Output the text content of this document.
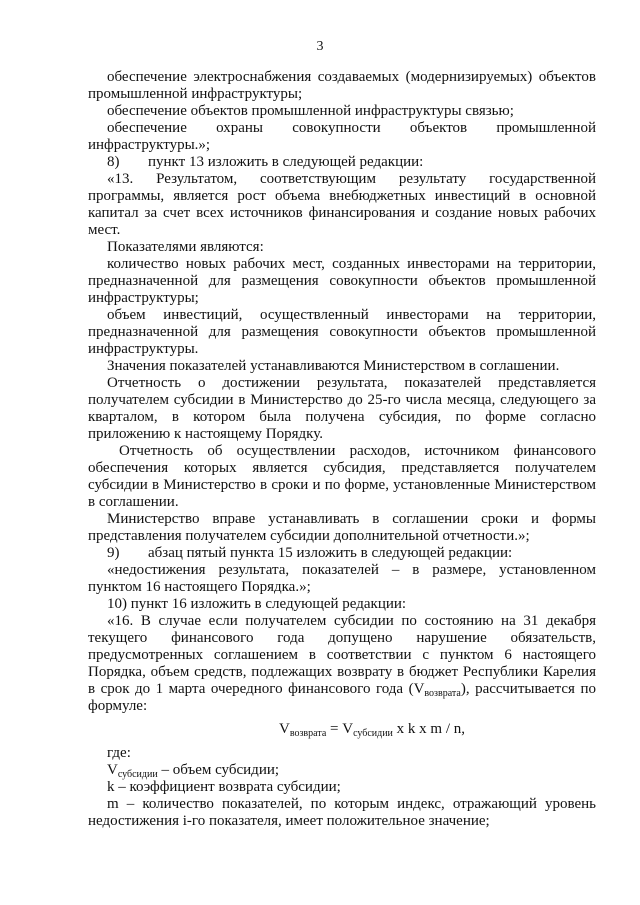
3

обеспечение электроснабжения создаваемых (модернизируемых) объектов промышленной инфраструктуры;

обеспечение объектов промышленной инфраструктуры связью;

обеспечение охраны совокупности объектов промышленной инфраструктуры.»;

8)	пункт 13 изложить в следующей редакции:

«13. Результатом, соответствующим результату государственной программы, является рост объема внебюджетных инвестиций в основной капитал за счет всех источников финансирования и создание новых рабочих мест.

Показателями являются:

количество новых рабочих мест, созданных инвесторами на территории, предназначенной для размещения совокупности объектов промышленной инфраструктуры;

объем инвестиций, осуществленный инвесторами на территории, предназначенной для размещения совокупности объектов промышленной инфраструктуры.

Значения показателей устанавливаются Министерством в соглашении.

Отчетность о достижении результата, показателей представляется получателем субсидии в Министерство до 25-го числа месяца, следующего за кварталом, в котором была получена субсидия, по форме согласно приложению к настоящему Порядку.

Отчетность об осуществлении расходов, источником финансового обеспечения которых является субсидия, представляется получателем субсидии в Министерство в сроки и по форме, установленные Министерством в соглашении.

Министерство вправе устанавливать в соглашении сроки и формы представления получателем субсидии дополнительной отчетности.»;

9)	абзац пятый пункта 15 изложить в следующей редакции:

«недостижения результата, показателей – в размере, установленном пунктом 16 настоящего Порядка.»;

10) пункт 16 изложить в следующей редакции:

«16. В случае если получателем субсидии по состоянию на 31 декабря текущего финансового года допущено нарушение обязательств, предусмотренных соглашением в соответствии с пунктом 6 настоящего Порядка, объем средств, подлежащих возврату в бюджет Республики Карелия в срок до 1 марта очередного финансового года $(V_{возврата})$, рассчитывается по формуле:

$V_{возврата} = V_{субсидии}$ x k x m / n,

где:

$V_{субсидии}$ – объем субсидии;

k – коэффициент возврата субсидии;

m – количество показателей, по которым индекс, отражающий уровень недостижения i-го показателя, имеет положительное значение;
